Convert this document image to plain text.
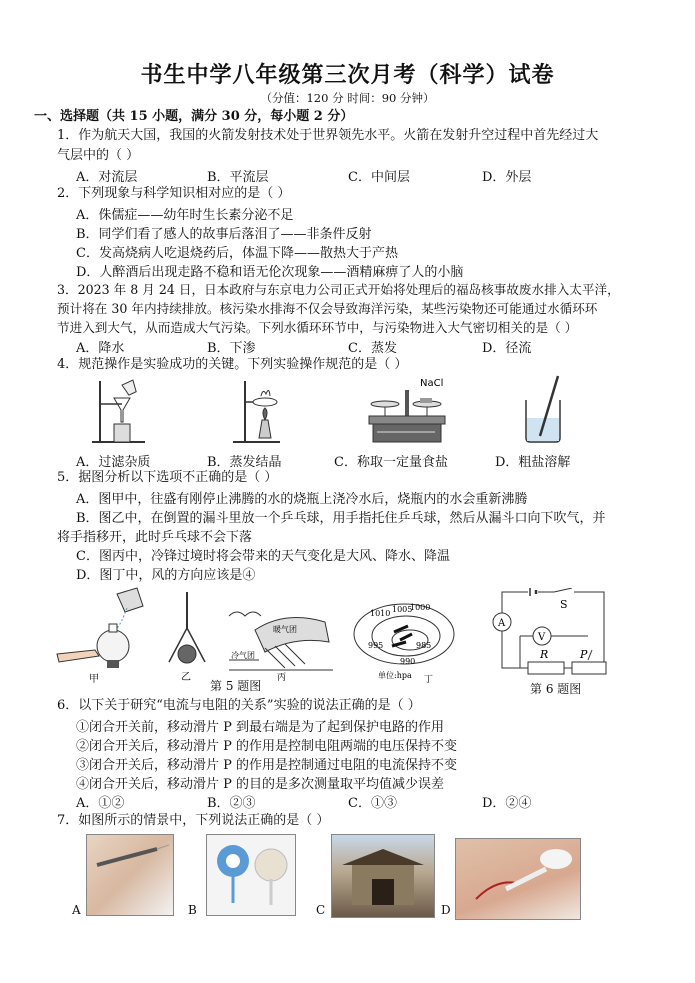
书生中学八年级第三次月考（科学）试卷
（分值：120 分 时间：90 分钟）
一、选择题（共 15 小题，满分 30 分，每小题 2 分）
1．作为航天大国，我国的火箭发射技术处于世界领先水平。火箭在发射升空过程中首先经过大
气层中的（ ）
A．对流层	B．平流层	C．中间层	D．外层
2．下列现象与科学知识相对应的是（ ）
A．侏儒症——幼年时生长素分泌不足
B．同学们看了感人的故事后落泪了——非条件反射
C．发高烧病人吃退烧药后，体温下降——散热大于产热
D．人醉酒后出现走路不稳和语无伦次现象——酒精麻痹了人的小脑
3．2023 年 8 月 24 日，日本政府与东京电力公司正式开始将处理后的福岛核事故废水排入太平洋，
预计将在 30 年内持续排放。核污染水排海不仅会导致海洋污染，某些污染物还可能通过水循环环
节进入到大气，从而造成大气污染。下列水循环环节中，与污染物进入大气密切相关的是（ ）
A．降水	B．下渗	C．蒸发	D．径流
4．规范操作是实验成功的关键。下列实验操作规范的是（ ）
NaCl
A．过滤杂质	B．蒸发结晶	C．称取一定量食盐	D．粗盐溶解
5．据图分析以下选项不正确的是（ ）
A．图甲中，往盛有刚停止沸腾的水的烧瓶上浇冷水后，烧瓶内的水会重新沸腾
B．图乙中，在倒置的漏斗里放一个乒乓球，用手指托住乒乓球，然后从漏斗口向下吹气，并
将手指移开，此时乒乓球不会下落
C．图丙中，冷锋过境时将会带来的天气变化是大风、降水、降温
D．图丁中，风的方向应该是④
甲	乙
暖气团
冷气团
丙
1010 1005
1000
995
990
985
单位:hpa 丁
第 5 题图
S
A
V
R	P
第 6 题图
6．以下关于研究“电流与电阻的关系”实验的说法正确的是（ ）
①闭合开关前，移动滑片 P 到最右端是为了起到保护电路的作用
②闭合开关后，移动滑片 P 的作用是控制电阻两端的电压保持不变
③闭合开关后，移动滑片 P 的作用是控制通过电阻的电流保持不变
④闭合开关后，移动滑片 P 的目的是多次测量取平均值减少误差
A．①②	B．②③	C．①③	D．②④
7．如图所示的情景中，下列说法正确的是（ ）
A	B	C	D
